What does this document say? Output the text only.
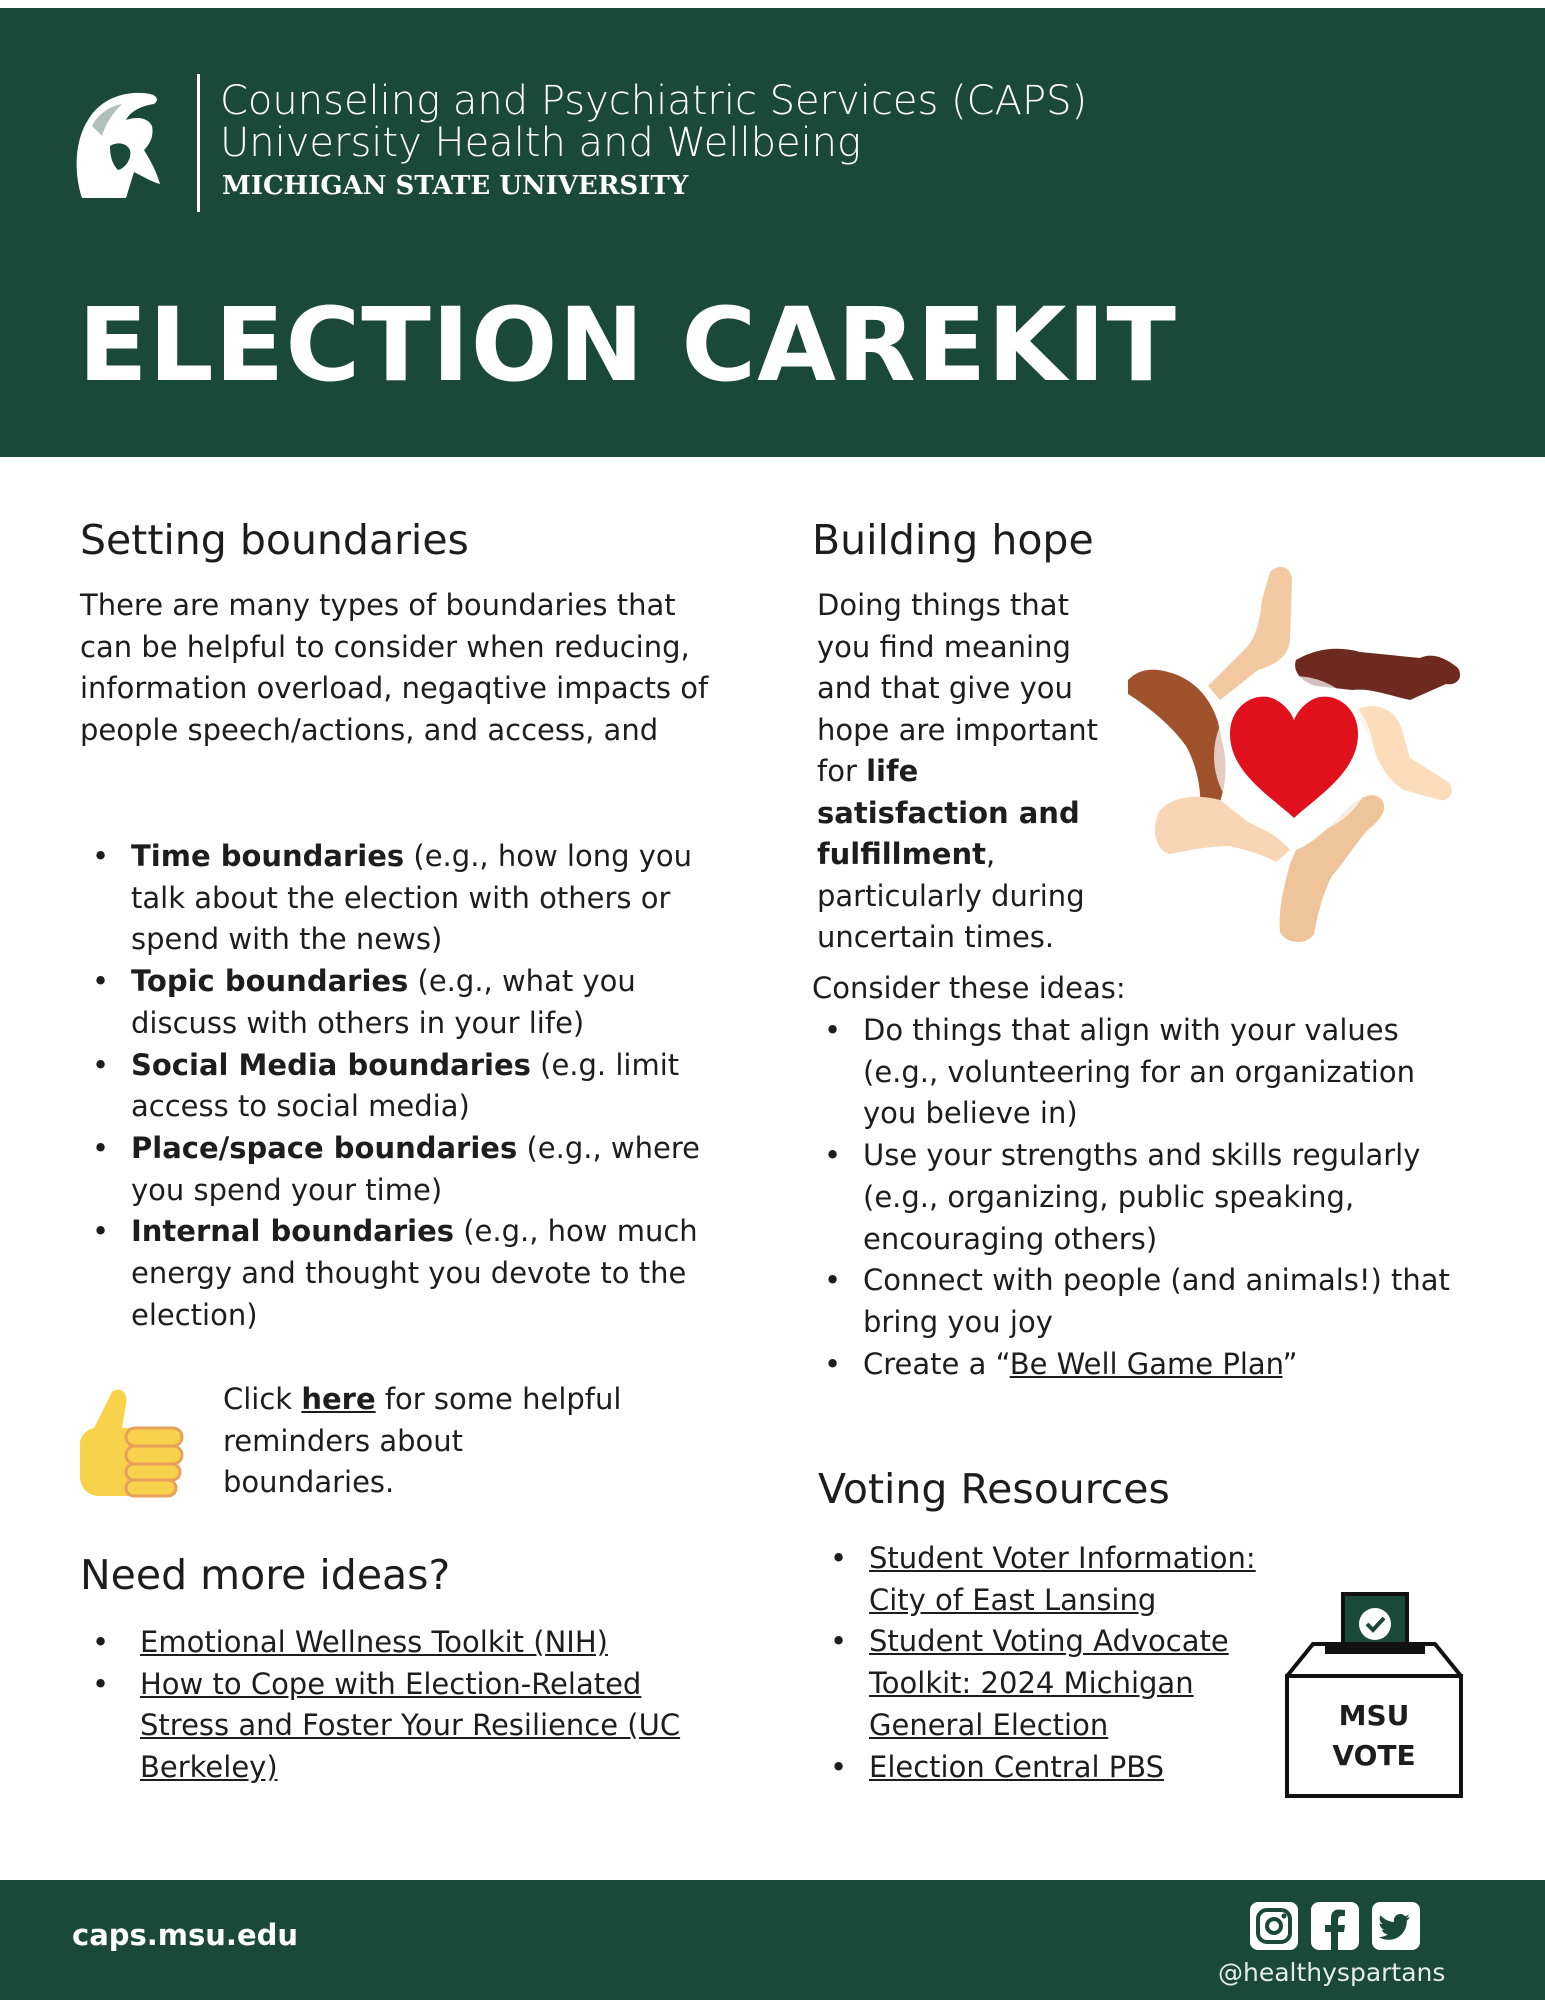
Counseling and Psychiatric Services (CAPS)
University Health and Wellbeing
MICHIGAN STATE UNIVERSITY
ELECTION CAREKIT
Setting boundaries

There are many types of boundaries that can be helpful to consider when reducing, information overload, negaqtive impacts of people speech/actions, and access, and

• Time boundaries (e.g., how long you talk about the election with others or spend with the news)
• Topic boundaries (e.g., what you discuss with others in your life)
• Social Media boundaries (e.g. limit access to social media)
• Place/space boundaries (e.g., where you spend your time)
• Internal boundaries (e.g., how much energy and thought you devote to the election)

Click here for some helpful reminders about boundaries.

Need more ideas?
• Emotional Wellness Toolkit (NIH)
• How to Cope with Election-Related Stress and Foster Your Resilience (UC Berkeley)
Building hope

Doing things that you find meaning and that give you hope are important for life satisfaction and fulfillment, particularly during uncertain times.

Consider these ideas:
• Do things that align with your values (e.g., volunteering for an organization you believe in)
• Use your strengths and skills regularly (e.g., organizing, public speaking, encouraging others)
• Connect with people (and animals!) that bring you joy
• Create a “Be Well Game Plan”
Voting Resources
• Student Voter Information: City of East Lansing
• Student Voting Advocate Toolkit: 2024 Michigan General Election
• Election Central PBS
MSU
VOTE
caps.msu.edu
@healthyspartans
